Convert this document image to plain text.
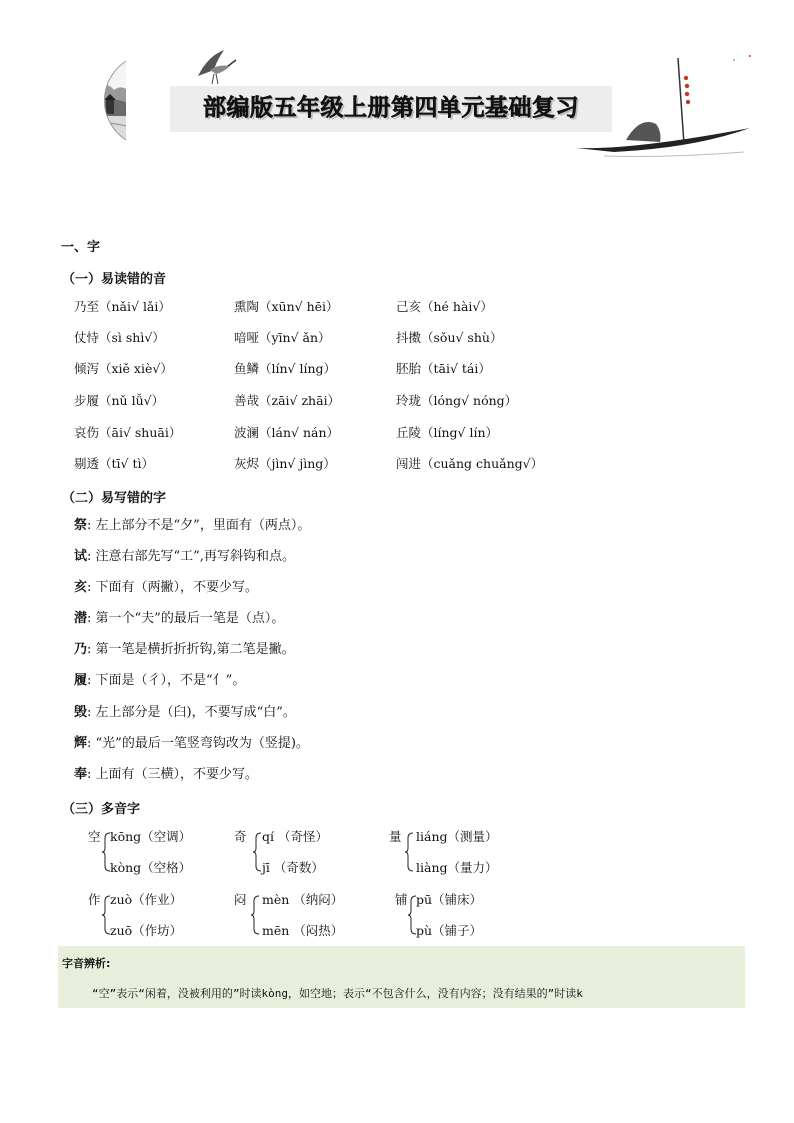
部编版五年级上册第四单元基础复习
一、字
（一）易读错的音
乃至（nǎi√ lǎi）	熏陶（xūn√ hēi）	己亥（hé hài√）
仗恃（sì shì√）	喑哑（yīn√ ǎn）	抖擞（sǒu√ shù）
倾泻（xiě xiè√）	鱼鳞（lín√ líng）	胚胎（tāi√ tái）
步履（nǔ lǚ√）	善哉（zāi√ zhāi）	玲珑（lóng√ nóng）
哀伤（āi√ shuāi）	波澜（lán√ nán）	丘陵（líng√ lín）
剔透（tī√ tì）	灰烬（jìn√ jìng）	闯进（cuǎng chuǎng√）
（二）易写错的字
祭: 左上部分不是“夕”，里面有（两点）。
试: 注意右部先写“工”,再写斜钩和点。
亥: 下面有（两撇），不要少写。
潜: 第一个“夫”的最后一笔是（点）。
乃: 第一笔是横折折折钩,第二笔是撇。
履: 下面是（彳），不是“亻”。
毁: 左上部分是（臼)，不要写成“白”。
辉: “光”的最后一笔竖弯钩改为（竖提)。
奉: 上面有（三横），不要少写。
（三）多音字
空 kōng（空调）
kòng（空格）
奇 qí （奇怪）
jī （奇数）
量 liáng（测量）
liàng（量力）
作 zuò（作业）
zuō（作坊）
闷 mèn （纳闷）
mēn （闷热）
铺 pū（铺床）
pù（铺子）
字音辨析:
“空”表示“闲着，没被利用的”时读kòng，如空地；表示“不包含什么，没有内容；没有结果的”时读k
